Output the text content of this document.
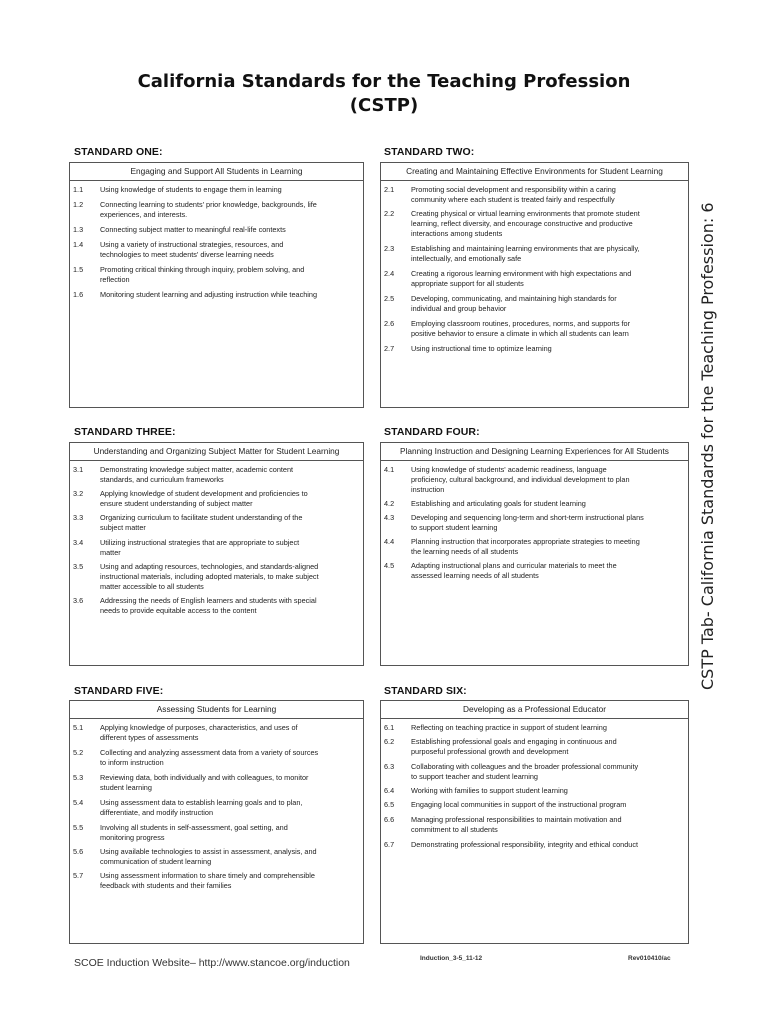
California Standards for the Teaching Profession
(CSTP)
STANDARD ONE:
Engaging and Support All Students in Learning
1.1	Using knowledge of students to engage them in learning
1.2	Connecting learning to students' prior knowledge, backgrounds, life
experiences, and interests.
1.3	Connecting subject matter to meaningful real-life contexts
1.4	Using a variety of instructional strategies, resources, and
technologies to meet students' diverse learning needs
1.5	Promoting critical thinking through inquiry, problem solving, and
reflection
1.6	Monitoring student learning and adjusting instruction while teaching
STANDARD TWO:
Creating and Maintaining Effective Environments for Student Learning
2.1	Promoting social development and responsibility within a caring
community where each student is treated fairly and respectfully
2.2	Creating physical or virtual learning environments that promote student
learning, reflect diversity, and encourage constructive and productive
interactions among students
2.3	Establishing and maintaining learning environments that are physically,
intellectually, and emotionally safe
2.4	Creating a rigorous learning environment with high expectations and
appropriate support for all students
2.5	Developing, communicating, and maintaining high standards for
individual and group behavior
2.6	Employing classroom routines, procedures, norms, and supports for
positive behavior to ensure a climate in which all students can learn
2.7	Using instructional time to optimize learning
STANDARD THREE:
Understanding and Organizing Subject Matter for Student Learning
3.1	Demonstrating knowledge subject matter, academic content
standards, and curriculum frameworks
3.2	Applying knowledge of student development and proficiencies to
ensure student understanding of subject matter
3.3	Organizing curriculum to facilitate student understanding of the
subject matter
3.4	Utilizing instructional strategies that are appropriate to subject
matter
3.5	Using and adapting resources, technologies, and standards-aligned
instructional materials, including adopted materials, to make subject
matter accessible to all students
3.6	Addressing the needs of English learners and students with special
needs to provide equitable access to the content
STANDARD FOUR:
Planning Instruction and Designing Learning Experiences for All Students
4.1	Using knowledge of students' academic readiness, language
proficiency, cultural background, and individual development to plan
instruction
4.2	Establishing and articulating goals for student learning
4.3	Developing and sequencing long-term and short-term instructional plans
to support student learning
4.4	Planning instruction that incorporates appropriate strategies to meeting
the learning needs of all students
4.5	Adapting instructional plans and curricular materials to meet the
assessed learning needs of all students
STANDARD FIVE:
Assessing Students for Learning
5.1	Applying knowledge of purposes, characteristics, and uses of
different types of assessments
5.2	Collecting and analyzing assessment data from a variety of sources
to inform instruction
5.3	Reviewing data, both individually and with colleagues, to monitor
student learning
5.4	Using assessment data to establish learning goals and to plan,
differentiate, and modify instruction
5.5	Involving all students in self-assessment, goal setting, and
monitoring progress
5.6	Using available technologies to assist in assessment, analysis, and
communication of student learning
5.7	Using assessment information to share timely and comprehensible
feedback with students and their families
STANDARD SIX:
Developing as a Professional Educator
6.1	Reflecting on teaching practice in support of student learning
6.2	Establishing professional goals and engaging in continuous and
purposeful professional growth and development
6.3	Collaborating with colleagues and the broader professional community
to support teacher and student learning
6.4	Working with families to support student learning
6.5	Engaging local communities in support of the instructional program
6.6	Managing professional responsibilities to maintain motivation and
commitment to all students
6.7	Demonstrating professional responsibility, integrity and ethical conduct
CSTP Tab- California Standards for the Teaching Profession: 6
SCOE Induction Website– http://www.stancoe.org/induction	Induction_3-5_11-12	Rev010410/ac
